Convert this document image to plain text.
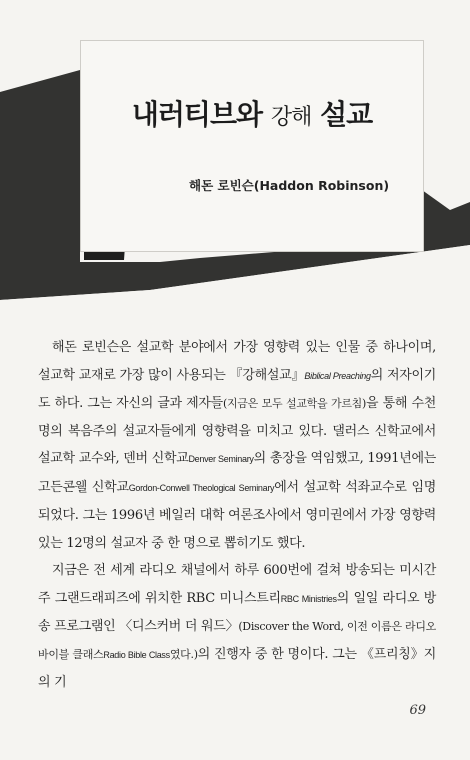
내러티브와 강해 설교
해돈 로빈슨(Haddon Robinson)

해돈 로빈슨은 설교학 분야에서 가장 영향력 있는 인물 중 하나이며, 설교학 교재로 가장 많이 사용되는 『강해설교』Biblical Preaching의 저자이기도 하다. 그는 자신의 글과 제자들(지금은 모두 설교학을 가르침)을 통해 수천 명의 복음주의 설교자들에게 영향력을 미치고 있다. 댈러스 신학교에서 설교학 교수와, 덴버 신학교Denver Seminary의 총장을 역임했고, 1991년에는 고든콘웰 신학교Gordon-Conwell Theological Seminary에서 설교학 석좌교수로 임명되었다. 그는 1996년 베일러 대학 여론조사에서 영미권에서 가장 영향력 있는 12명의 설교자 중 한 명으로 뽑히기도 했다.

지금은 전 세계 라디오 채널에서 하루 600번에 걸쳐 방송되는 미시간주 그랜드래피즈에 위치한 RBC 미니스트리RBC Ministries의 일일 라디오 방송 프로그램인 〈디스커버 더 워드〉(Discover the Word, 이전 이름은 라디오 바이블 클래스Radio Bible Class였다.)의 진행자 중 한 명이다. 그는 《프리칭》지의 기

69
